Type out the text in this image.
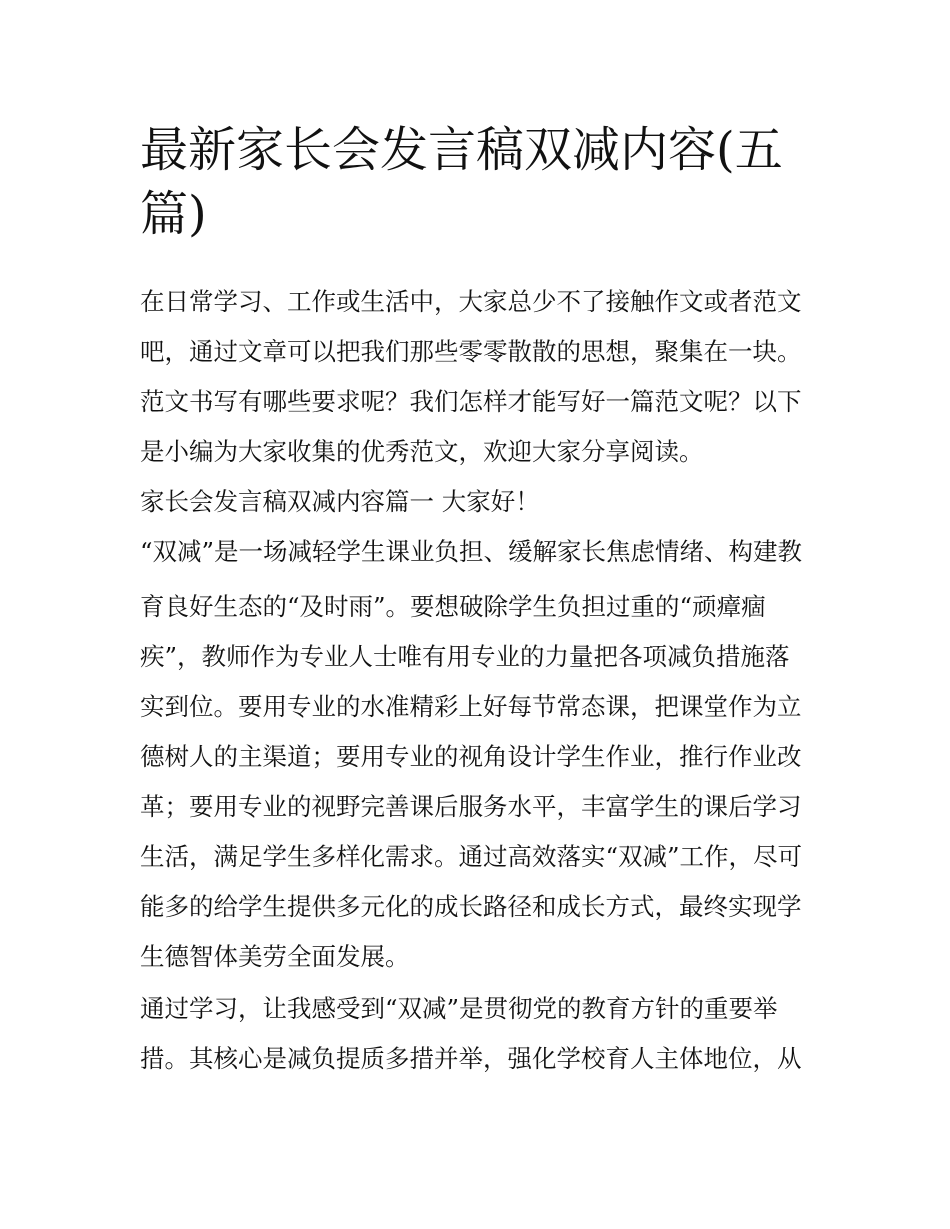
最新家长会发言稿双减内容(五篇)

在日常学习、工作或生活中，大家总少不了接触作文或者范文

吧，通过文章可以把我们那些零零散散的思想，聚集在一块。

范文书写有哪些要求呢？我们怎样才能写好一篇范文呢？以下

是小编为大家收集的优秀范文，欢迎大家分享阅读。

家长会发言稿双减内容篇一 大家好！

“双减”是一场减轻学生课业负担、缓解家长焦虑情绪、构建教

育良好生态的“及时雨”。要想破除学生负担过重的“顽瘴痼

疾”，教师作为专业人士唯有用专业的力量把各项减负措施落

实到位。要用专业的水准精彩上好每节常态课，把课堂作为立

德树人的主渠道；要用专业的视角设计学生作业，推行作业改

革；要用专业的视野完善课后服务水平，丰富学生的课后学习

生活，满足学生多样化需求。通过高效落实“双减”工作，尽可

能多的给学生提供多元化的成长路径和成长方式，最终实现学

生德智体美劳全面发展。

通过学习，让我感受到“双减”是贯彻党的教育方针的重要举

措。其核心是减负提质多措并举，强化学校育人主体地位，从
